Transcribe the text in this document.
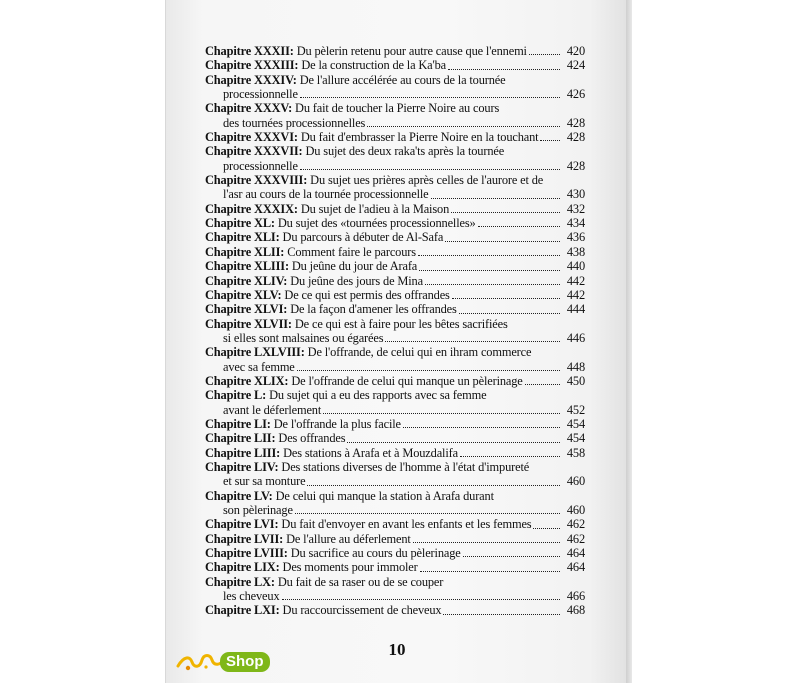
Chapitre XXXII:
Du pèlerin retenu pour autre cause que l'ennemi	420
Chapitre XXXIII:
De la construction de la Ka'ba	424
Chapitre XXXIV:
De l'allure accélérée au cours de la tournée
processionnelle	426
Chapitre XXXV:
Du fait de toucher la Pierre Noire au cours
des tournées processionnelles	428
Chapitre XXXVI:
Du fait d'embrasser la Pierre Noire en la touchant	428
Chapitre XXXVII:
Du sujet des deux raka'ts après la tournée
processionnelle	428
Chapitre XXXVIII:
Du sujet ues prières après celles de l'aurore et de
l'asr au cours de la tournée processionnelle	430
Chapitre XXXIX:
Du sujet de l'adieu à la Maison	432
Chapitre XL:
Du sujet des «tournées processionnelles»	434
Chapitre XLI:
Du parcours à débuter de Al-Safa	436
Chapitre XLII:
Comment faire le parcours	438
Chapitre XLIII:
Du jeûne du jour de Arafa	440
Chapitre XLIV:
Du jeûne des jours de Mina	442
Chapitre XLV:
De ce qui est permis des offrandes	442
Chapitre XLVI:
De la façon d'amener les offrandes	444
Chapitre XLVII:
De ce qui est à faire pour les bêtes sacrifiées
si elles sont malsaines ou égarées	446
Chapitre LXLVIII:
De l'offrande, de celui qui en ihram commerce
avec sa femme	448
Chapitre XLIX:
De l'offrande de celui qui manque un pèlerinage	450
Chapitre L:
Du sujet qui a eu des rapports avec sa femme
avant le déferlement	452
Chapitre LI:
De l'offrande la plus facile	454
Chapitre LII:
Des offrandes	454
Chapitre LIII:
Des stations à Arafa et à Mouzdalifa	458
Chapitre LIV:
Des stations diverses de l'homme à l'état d'impureté
et sur sa monture	460
Chapitre LV:
De celui qui manque la station à Arafa durant
son pèlerinage	460
Chapitre LVI:
Du fait d'envoyer en avant les enfants et les femmes	462
Chapitre LVII:
De l'allure au déferlement	462
Chapitre LVIII:
Du sacrifice au cours du pèlerinage	464
Chapitre LIX:
Des moments pour immoler	464
Chapitre LX:
Du fait de sa raser ou de se couper
les cheveux	466
Chapitre LXI:
Du raccourcissement de cheveux	468
10
Shop
